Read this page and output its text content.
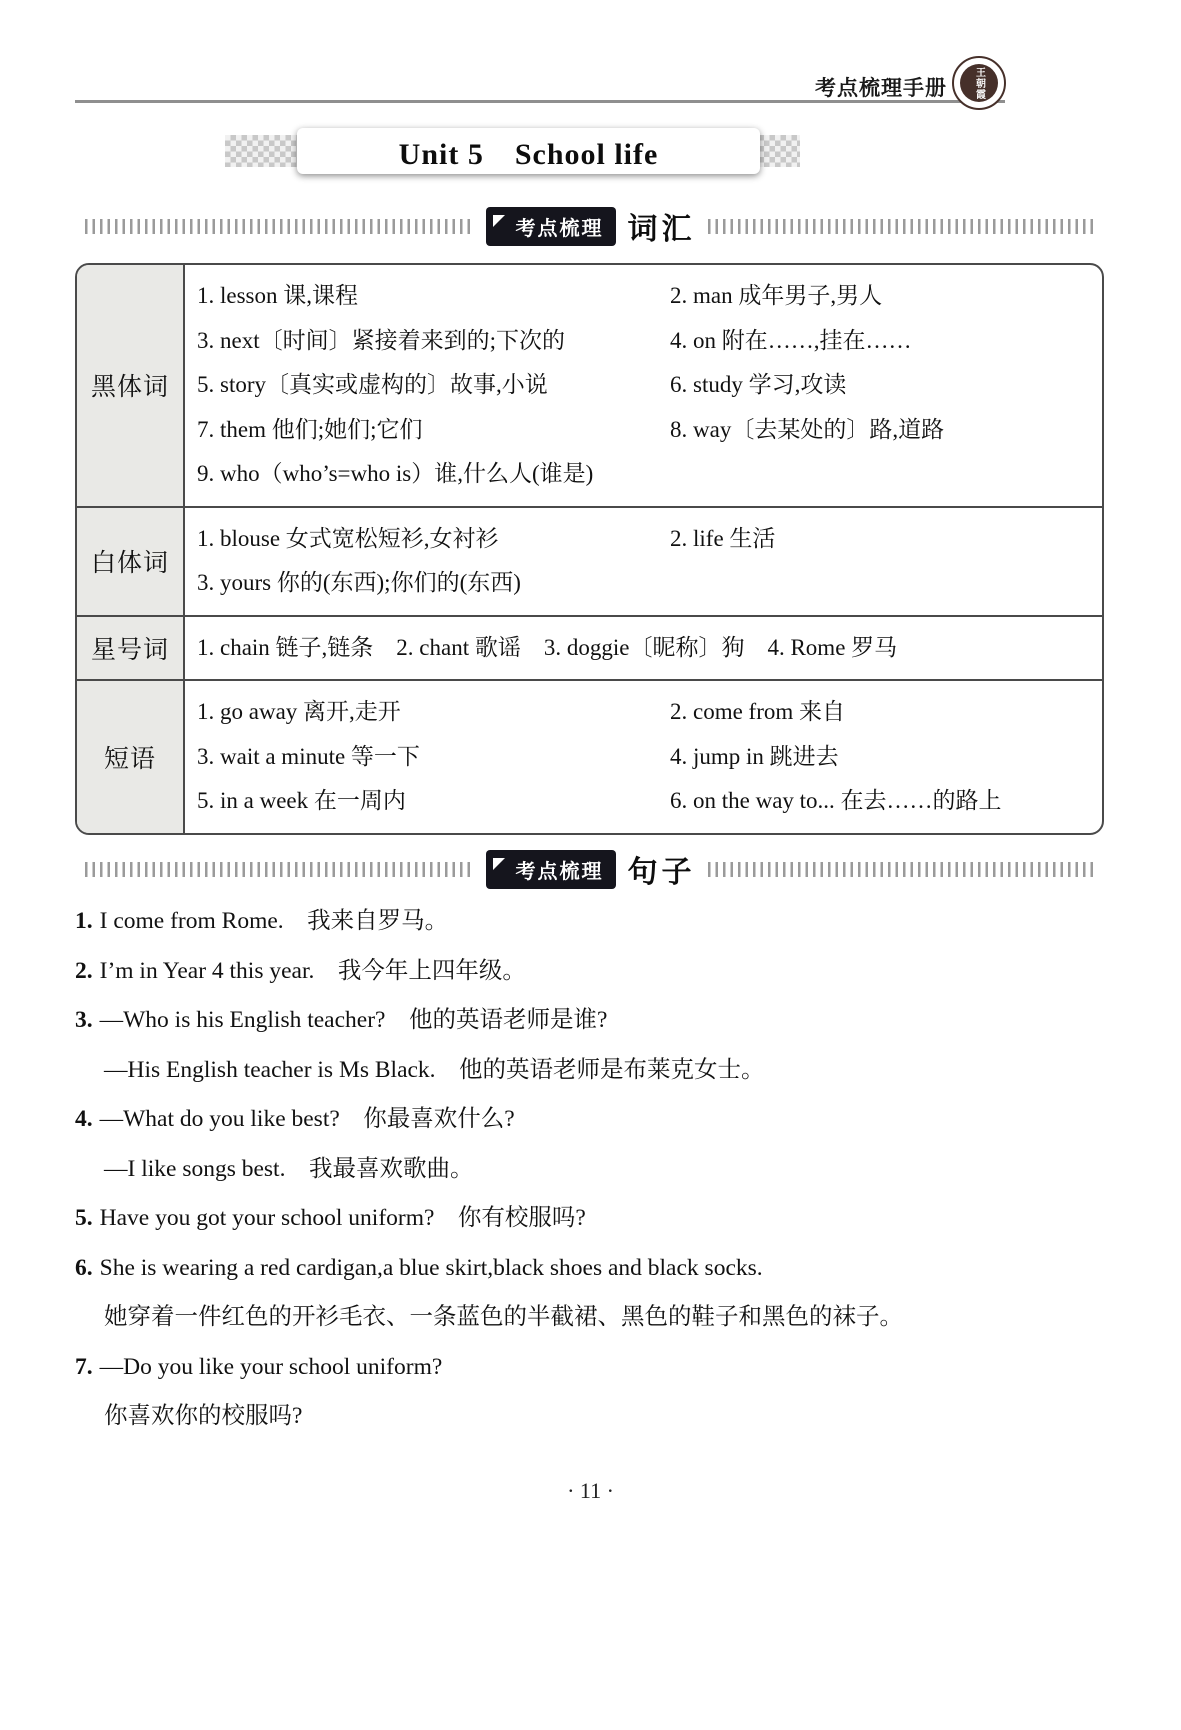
考点梳理手册	王朝霞
Unit 5　School life
考点梳理 词汇
黑体词
1. lesson 课,课程	2. man 成年男子,男人
3. next〔时间〕紧接着来到的;下次的	4. on 附在……,挂在……
5. story〔真实或虚构的〕故事,小说	6. study 学习,攻读
7. them 他们;她们;它们	8. way〔去某处的〕路,道路
9. who（who’s=who is）谁,什么人(谁是)
白体词
1. blouse 女式宽松短衫,女衬衫	2. life 生活
3. yours 你的(东西);你们的(东西)
星号词	1. chain 链子,链条　2. chant 歌谣　3. doggie〔昵称〕狗　4. Rome 罗马
短语
1. go away 离开,走开	2. come from 来自
3. wait a minute 等一下	4. jump in 跳进去
5. in a week 在一周内	6. on the way to... 在去……的路上
考点梳理 句子
1. I come from Rome.　我来自罗马。
2. I’m in Year 4 this year.　我今年上四年级。
3. —Who is his English teacher?　他的英语老师是谁?
—His English teacher is Ms Black.　他的英语老师是布莱克女士。
4. —What do you like best?　你最喜欢什么?
—I like songs best.　我最喜欢歌曲。
5. Have you got your school uniform?　你有校服吗?
6. She is wearing a red cardigan,a blue skirt,black shoes and black socks.
她穿着一件红色的开衫毛衣、一条蓝色的半截裙、黑色的鞋子和黑色的袜子。
7. —Do you like your school uniform?
你喜欢你的校服吗?
· 11 ·
